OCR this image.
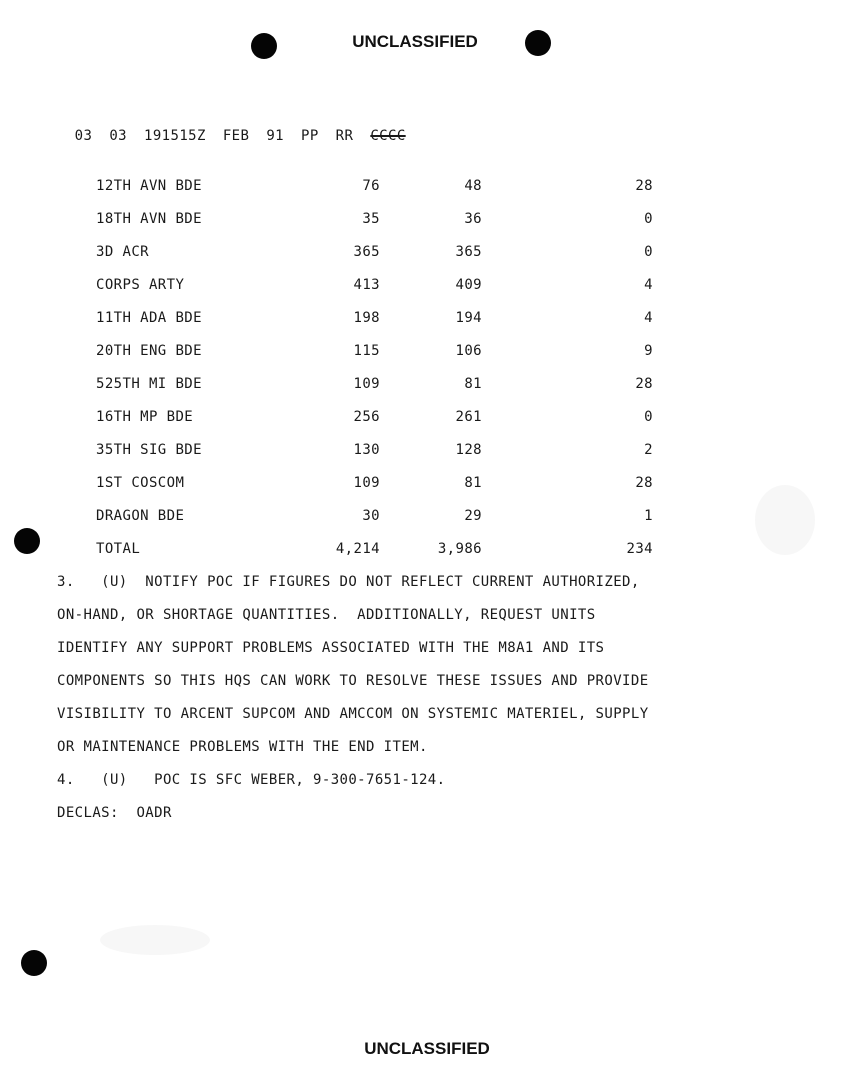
UNCLASSIFIED

03 03 191515Z FEB 91 PP RR CCCC

12TH AVN BDE	76	48	28
18TH AVN BDE	35	36	0
3D ACR	365	365	0
CORPS ARTY	413	409	4
11TH ADA BDE	198	194	4
20TH ENG BDE	115	106	9
525TH MI BDE	109	81	28
16TH MP BDE	256	261	0
35TH SIG BDE	130	128	2
1ST COSCOM	109	81	28
DRAGON BDE	30	29	1
TOTAL	4,214	3,986	234
3.   (U)  NOTIFY POC IF FIGURES DO NOT REFLECT CURRENT AUTHORIZED,
ON-HAND, OR SHORTAGE QUANTITIES.  ADDITIONALLY, REQUEST UNITS
IDENTIFY ANY SUPPORT PROBLEMS ASSOCIATED WITH THE M8A1 AND ITS
COMPONENTS SO THIS HQS CAN WORK TO RESOLVE THESE ISSUES AND PROVIDE
VISIBILITY TO ARCENT SUPCOM AND AMCCOM ON SYSTEMIC MATERIEL, SUPPLY
OR MAINTENANCE PROBLEMS WITH THE END ITEM.
4.   (U)   POC IS SFC WEBER, 9-300-7651-124.
DECLAS:  OADR
UNCLASSIFIED
